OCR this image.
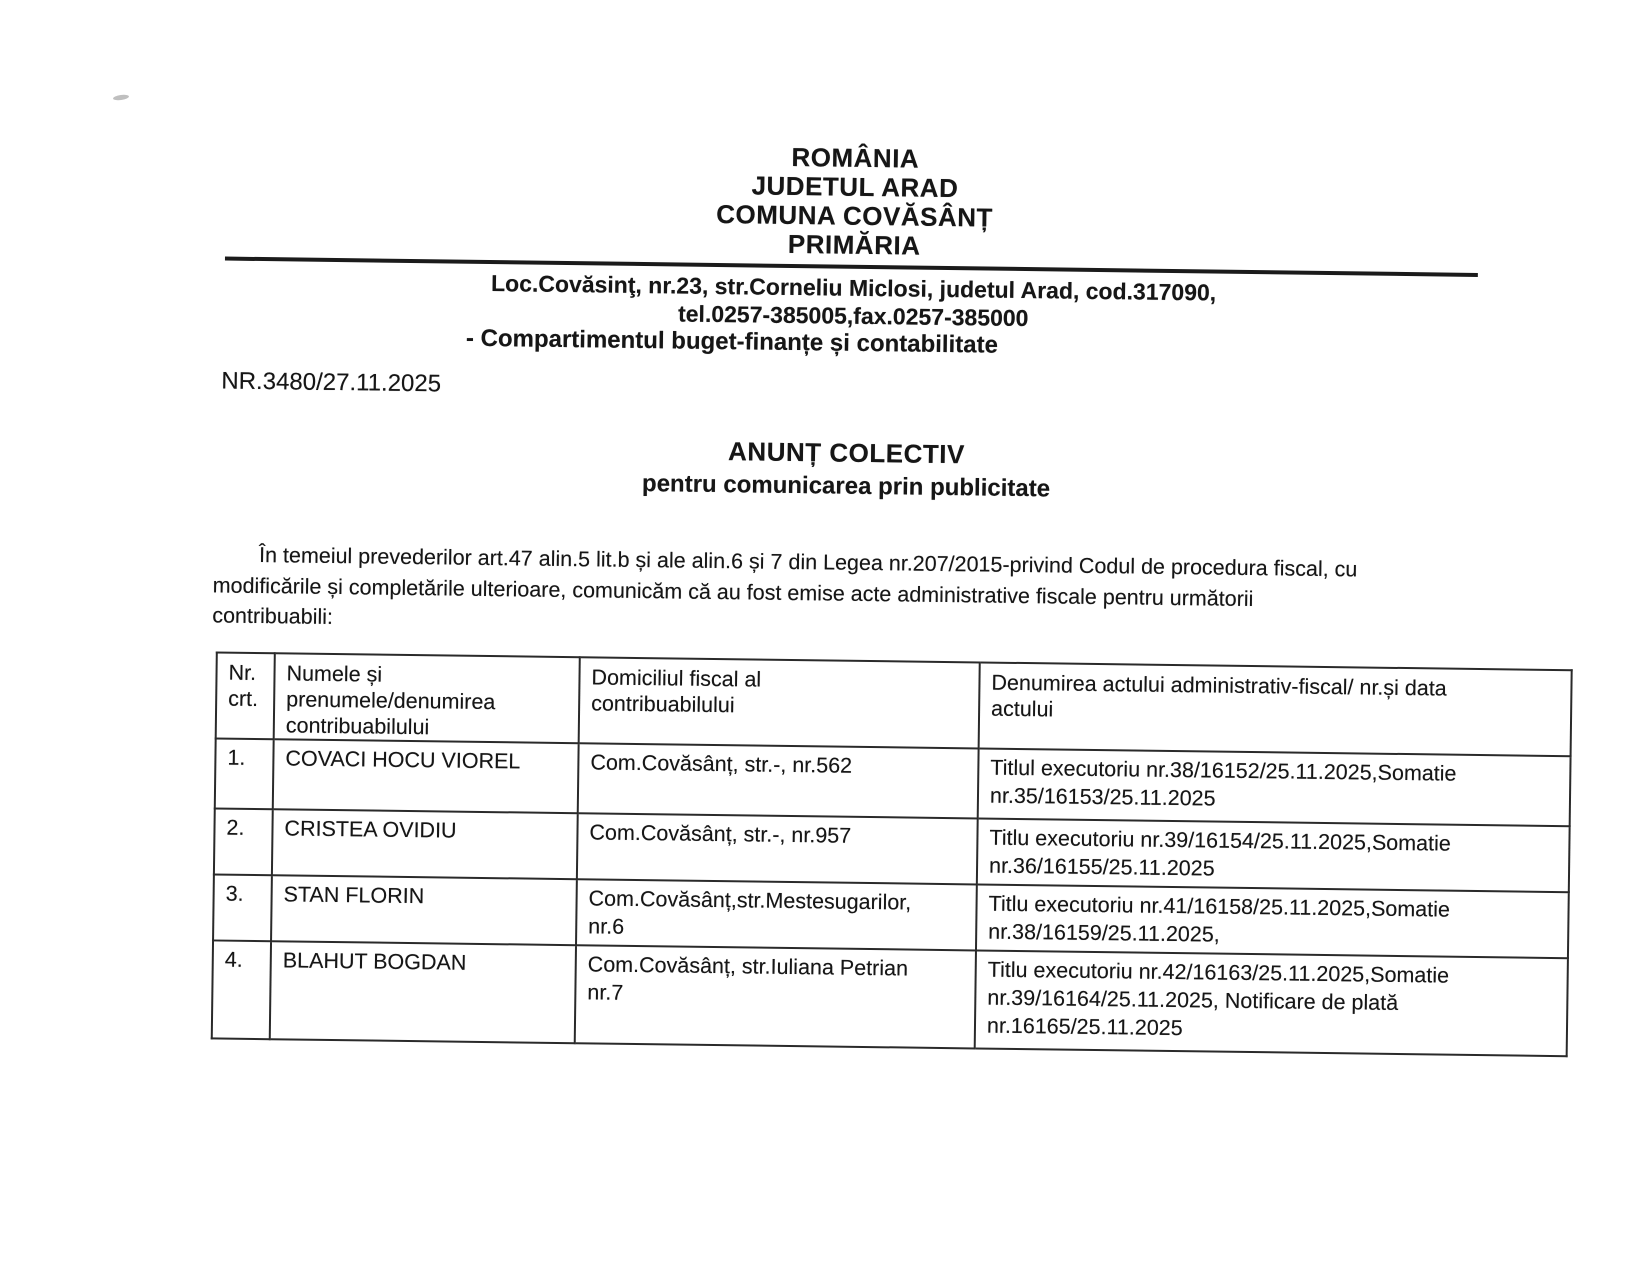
ROMÂNIA
JUDETUL ARAD
COMUNA COVĂSÂNȚ
PRIMĂRIA
Loc.Covăsinţ, nr.23, str.Corneliu Miclosi, judetul Arad, cod.317090,
tel.0257-385005,fax.0257-385000
- Compartimentul buget-finanțe și contabilitate
NR.3480/27.11.2025
ANUNȚ COLECTIV
pentru comunicarea prin publicitate
În temeiul prevederilor art.47 alin.5 lit.b și ale alin.6 și 7 din Legea nr.207/2015-privind Codul de procedura fiscal, cu
modificările și completările ulterioare, comunicăm că au fost emise acte administrative fiscale pentru următorii
contribuabili:
Nr.
crt.	Numele și
prenumele/denumirea
contribuabilului	Domiciliul fiscal al
contribuabilului	Denumirea actului administrativ-fiscal/ nr.și data
actului
1.	COVACI HOCU VIOREL	Com.Covăsânț, str.-, nr.562	Titlul executoriu nr.38/16152/25.11.2025,Somatie
nr.35/16153/25.11.2025
2.	CRISTEA OVIDIU	Com.Covăsânț, str.-, nr.957	Titlu executoriu nr.39/16154/25.11.2025,Somatie
nr.36/16155/25.11.2025
3.	STAN FLORIN	Com.Covăsânț,str.Mestesugarilor,
nr.6	Titlu executoriu nr.41/16158/25.11.2025,Somatie
nr.38/16159/25.11.2025,
4.	BLAHUT BOGDAN	Com.Covăsânț, str.Iuliana Petrian
nr.7	Titlu executoriu nr.42/16163/25.11.2025,Somatie
nr.39/16164/25.11.2025, Notificare de plată
nr.16165/25.11.2025
